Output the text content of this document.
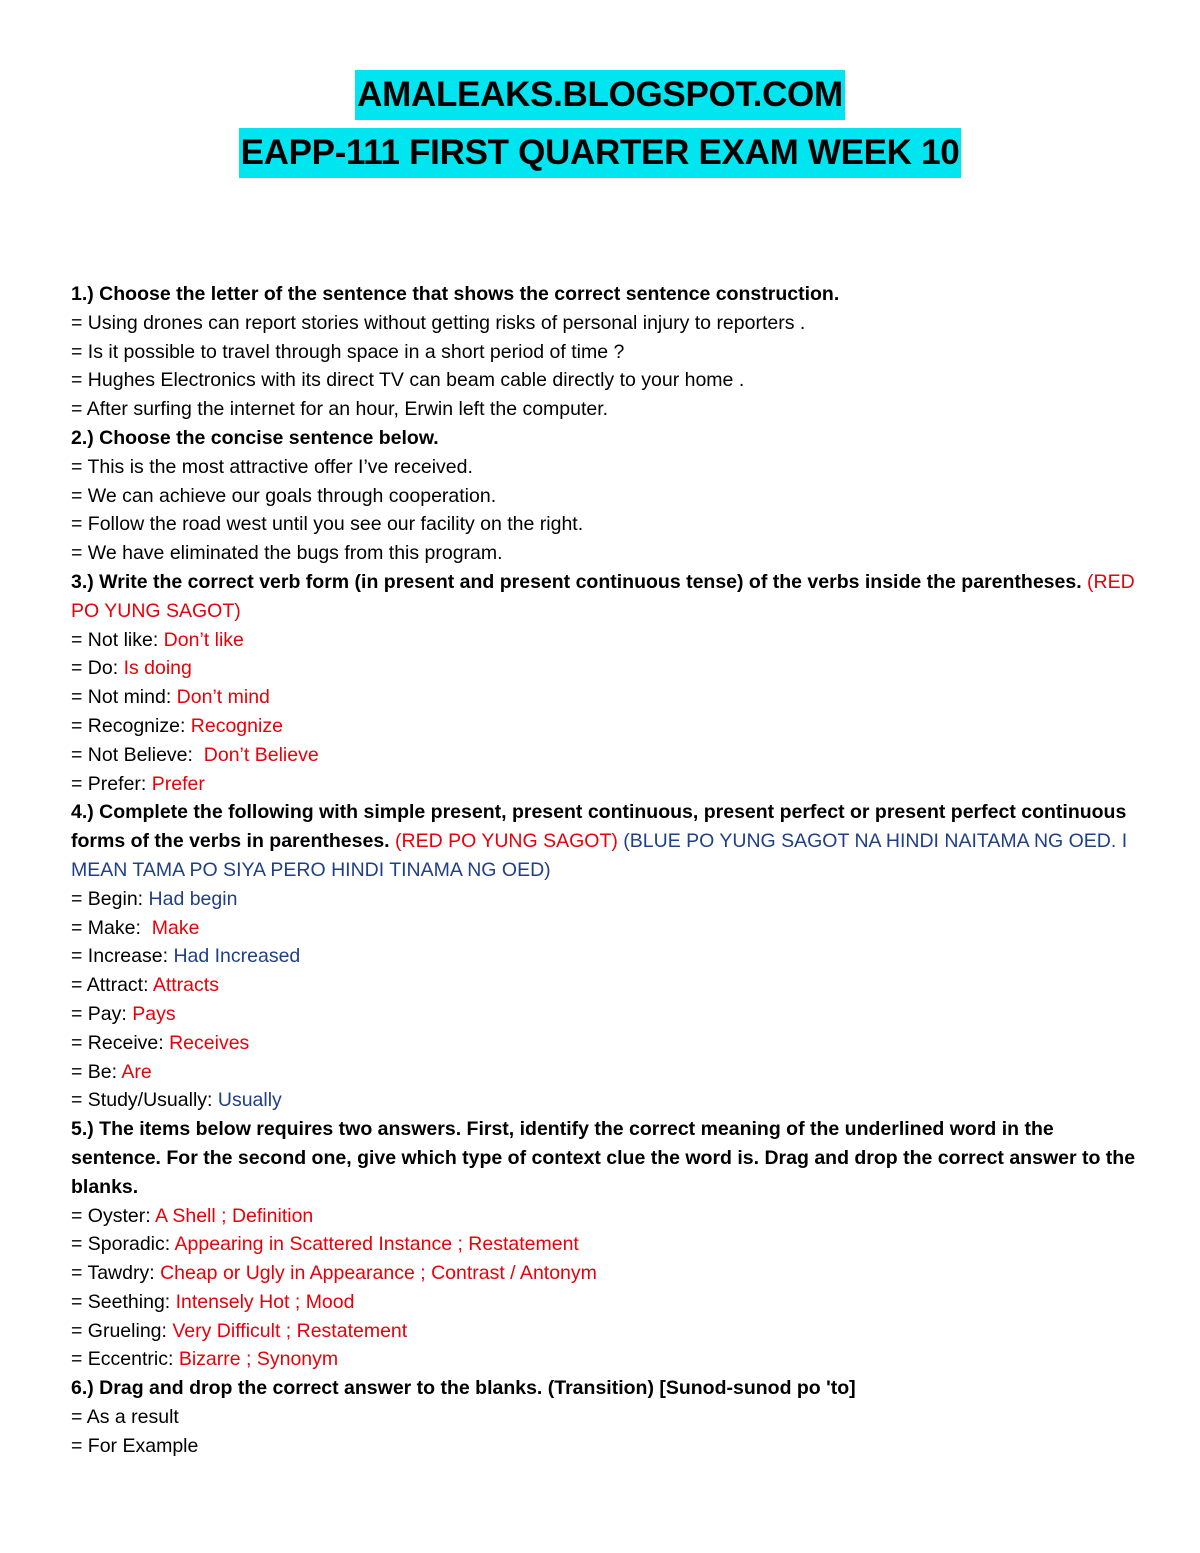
AMALEAKS.BLOGSPOT.COM
EAPP-111 FIRST QUARTER EXAM WEEK 10
1.) Choose the letter of the sentence that shows the correct sentence construction.
= Using drones can report stories without getting risks of personal injury to reporters .
= Is it possible to travel through space in a short period of time ?
= Hughes Electronics with its direct TV can beam cable directly to your home .
= After surfing the internet for an hour, Erwin left the computer.
2.) Choose the concise sentence below.
= This is the most attractive offer I’ve received.
= We can achieve our goals through cooperation.
= Follow the road west until you see our facility on the right.
= We have eliminated the bugs from this program.
3.) Write the correct verb form (in present and present continuous tense) of the verbs inside the parentheses. (RED PO YUNG SAGOT)
= Not like: Don’t like
= Do: Is doing
= Not mind: Don’t mind
= Recognize: Recognize
= Not Believe:  Don’t Believe
= Prefer: Prefer
4.) Complete the following with simple present, present continuous, present perfect or present perfect continuous forms of the verbs in parentheses. (RED PO YUNG SAGOT) (BLUE PO YUNG SAGOT NA HINDI NAITAMA NG OED. I MEAN TAMA PO SIYA PERO HINDI TINAMA NG OED)
= Begin: Had begin
= Make:  Make
= Increase: Had Increased
= Attract: Attracts
= Pay: Pays
= Receive: Receives
= Be: Are
= Study/Usually: Usually
5.) The items below requires two answers. First, identify the correct meaning of the underlined word in the sentence. For the second one, give which type of context clue the word is. Drag and drop the correct answer to the blanks.
= Oyster: A Shell ; Definition
= Sporadic: Appearing in Scattered Instance ; Restatement
= Tawdry: Cheap or Ugly in Appearance ; Contrast / Antonym
= Seething: Intensely Hot ; Mood
= Grueling: Very Difficult ; Restatement
= Eccentric: Bizarre ; Synonym
6.) Drag and drop the correct answer to the blanks. (Transition) [Sunod-sunod po 'to]
= As a result
= For Example
